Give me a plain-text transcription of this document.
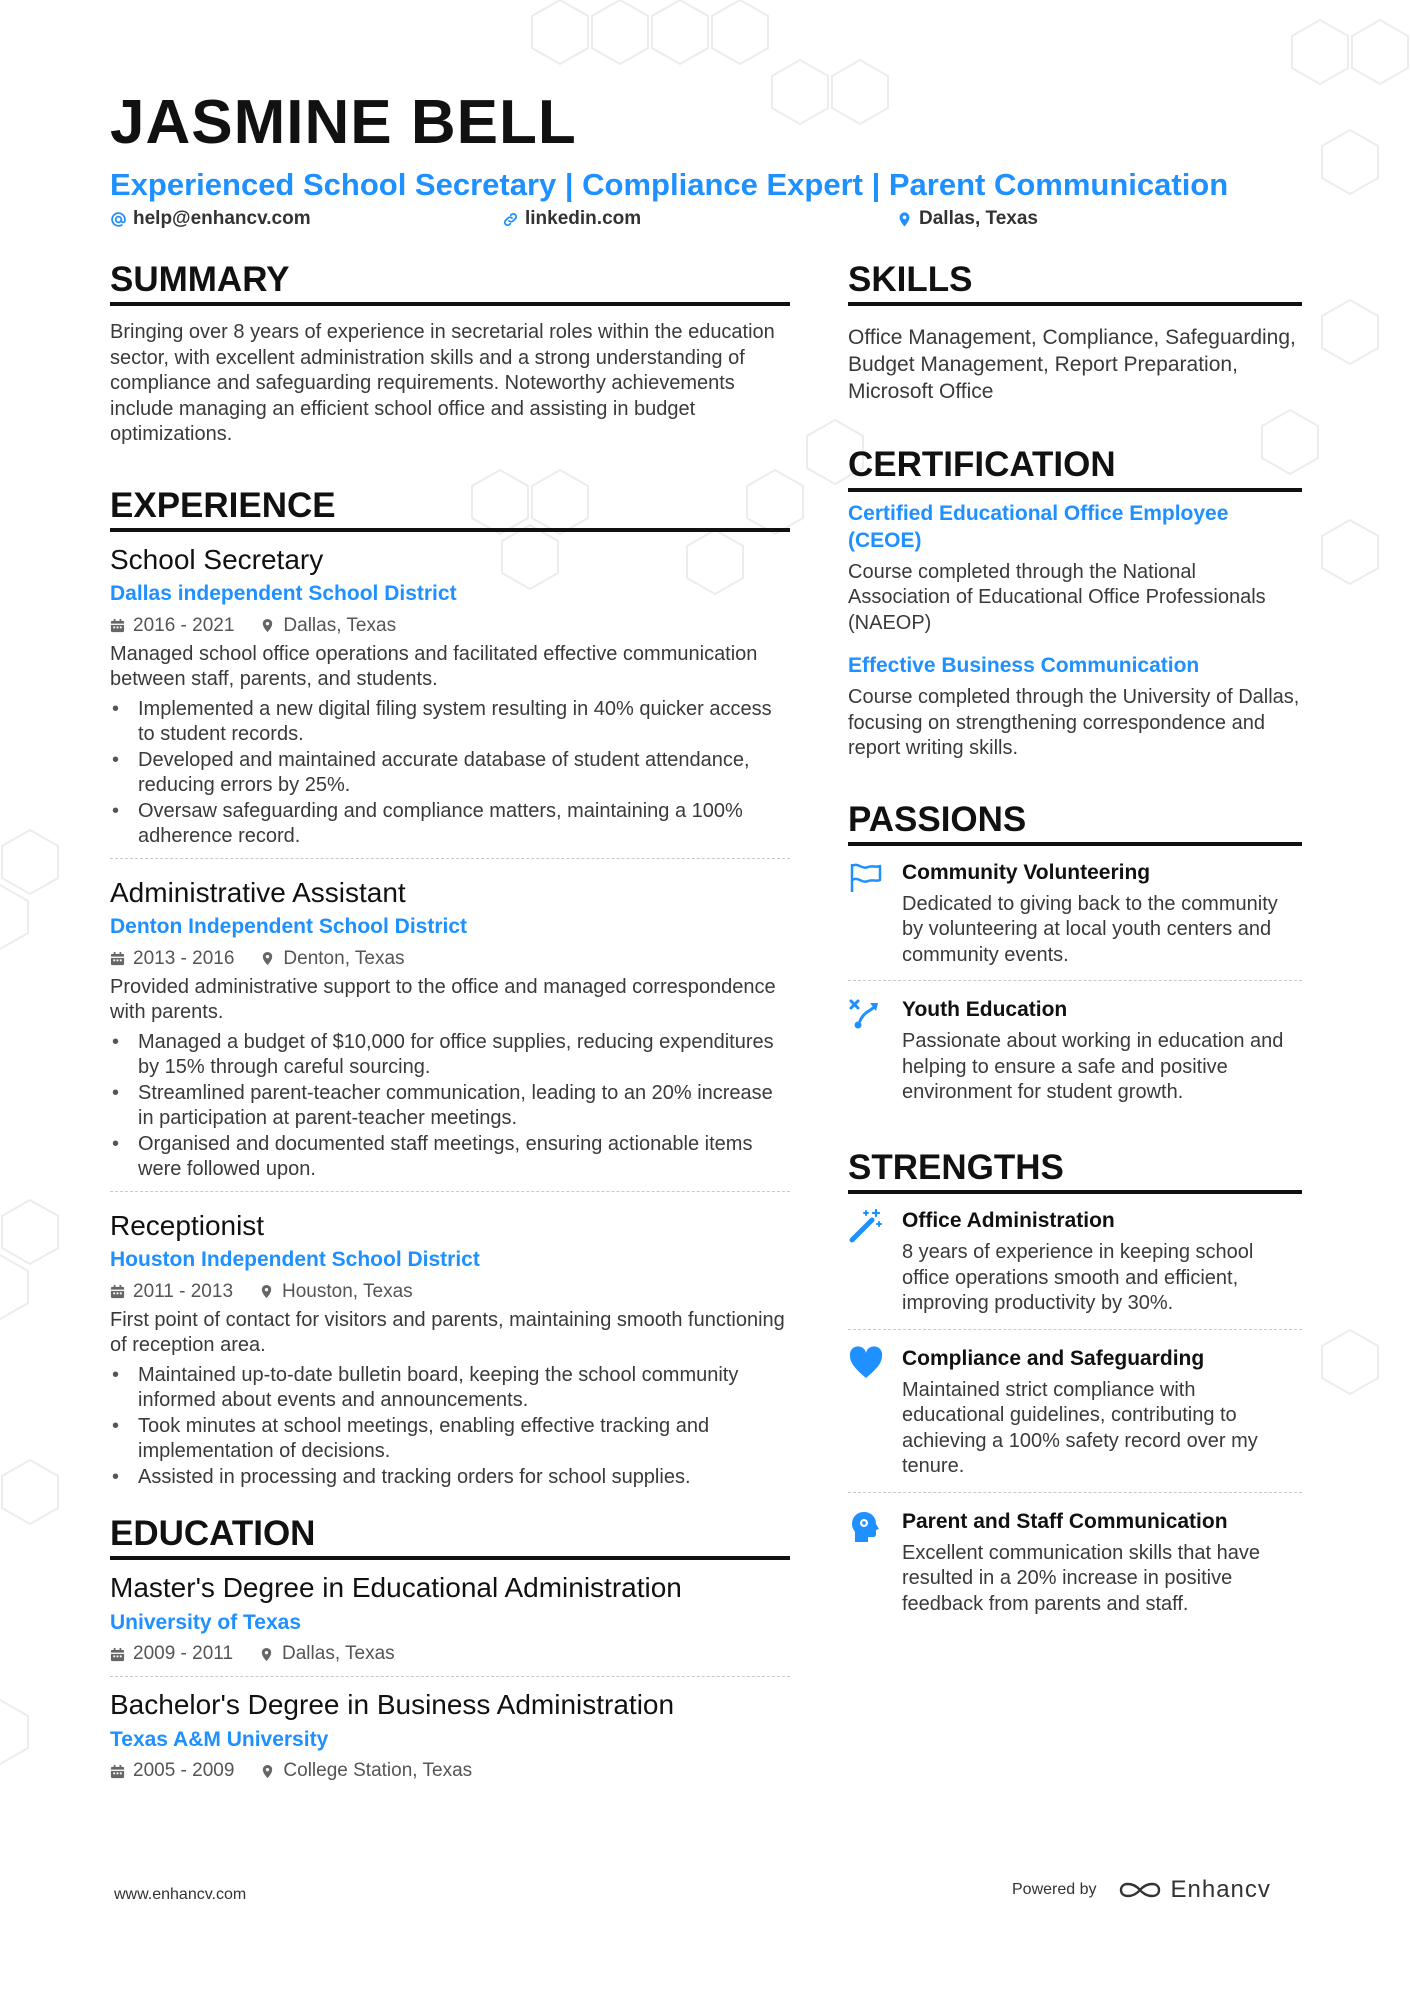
JASMINE BELL
Experienced School Secretary | Compliance Expert | Parent Communication
help@enhancv.com	linkedin.com	Dallas, Texas
SUMMARY
Bringing over 8 years of experience in secretarial roles within the education sector, with excellent administration skills and a strong understanding of compliance and safeguarding requirements. Noteworthy achievements include managing an efficient school office and assisting in budget optimizations.
EXPERIENCE
School Secretary
Dallas independent School District
2016 - 2021	Dallas, Texas
Managed school office operations and facilitated effective communication between staff, parents, and students.
• Implemented a new digital filing system resulting in 40% quicker access to student records.
• Developed and maintained accurate database of student attendance, reducing errors by 25%.
• Oversaw safeguarding and compliance matters, maintaining a 100% adherence record.
Administrative Assistant
Denton Independent School District
2013 - 2016	Denton, Texas
Provided administrative support to the office and managed correspondence with parents.
• Managed a budget of $10,000 for office supplies, reducing expenditures by 15% through careful sourcing.
• Streamlined parent-teacher communication, leading to an 20% increase in participation at parent-teacher meetings.
• Organised and documented staff meetings, ensuring actionable items were followed upon.
Receptionist
Houston Independent School District
2011 - 2013	Houston, Texas
First point of contact for visitors and parents, maintaining smooth functioning of reception area.
• Maintained up-to-date bulletin board, keeping the school community informed about events and announcements.
• Took minutes at school meetings, enabling effective tracking and implementation of decisions.
• Assisted in processing and tracking orders for school supplies.
EDUCATION
Master's Degree in Educational Administration
University of Texas
2009 - 2011	Dallas, Texas
Bachelor's Degree in Business Administration
Texas A&M University
2005 - 2009	College Station, Texas
SKILLS
Office Management, Compliance, Safeguarding, Budget Management, Report Preparation, Microsoft Office
CERTIFICATION
Certified Educational Office Employee (CEOE)
Course completed through the National Association of Educational Office Professionals (NAEOP)
Effective Business Communication
Course completed through the University of Dallas, focusing on strengthening correspondence and report writing skills.
PASSIONS
Community Volunteering
Dedicated to giving back to the community by volunteering at local youth centers and community events.
Youth Education
Passionate about working in education and helping to ensure a safe and positive environment for student growth.
STRENGTHS
Office Administration
8 years of experience in keeping school office operations smooth and efficient, improving productivity by 30%.
Compliance and Safeguarding
Maintained strict compliance with educational guidelines, contributing to achieving a 100% safety record over my tenure.
Parent and Staff Communication
Excellent communication skills that have resulted in a 20% increase in positive feedback from parents and staff.
www.enhancv.com	Powered by	Enhancv
